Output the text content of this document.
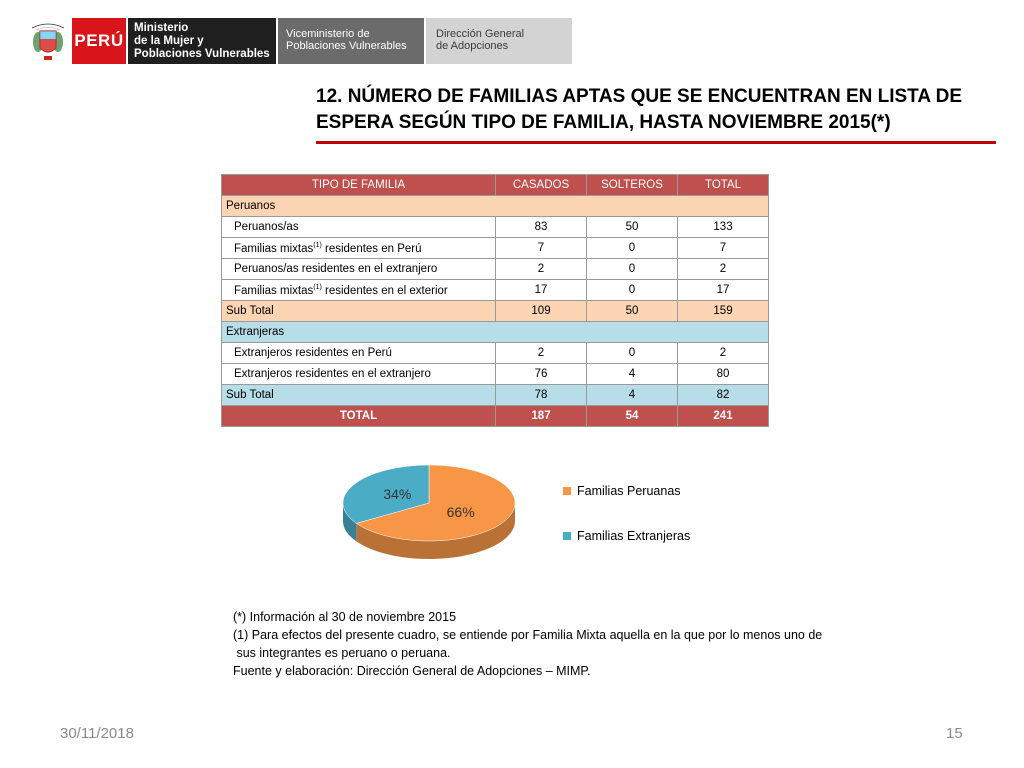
PERÚ
Ministerio
de la Mujer y
Poblaciones Vulnerables
Viceministerio de
Poblaciones Vulnerables
Dirección General
de Adopciones
12. NÚMERO DE FAMILIAS APTAS QUE SE ENCUENTRAN EN LISTA DE
ESPERA SEGÚN TIPO DE FAMILIA, HASTA NOVIEMBRE 2015(*)
TIPO DE FAMILIA	CASADOS	SOLTEROS	TOTAL
Peruanos			
Peruanos/as	83	50	133
Familias mixtas$^{(1)}$ residentes en Perú	7	0	7
Peruanos/as residentes en el extranjero	2	0	2
Familias mixtas$^{(1)}$ residentes en el exterior	17	0	17
Sub Total	109	50	159
Extranjeras			
Extranjeros residentes en Perú	2	0	2
Extranjeros residentes en el extranjero	76	4	80
Sub Total	78	4	82
TOTAL	187	54	241
66%
34%	Familias Peruanas
Familias Extranjeras
(*) Información al 30 de noviembre 2015
(1) Para efectos del presente cuadro, se entiende por Familia Mixta aquella en la que por lo menos uno de
sus integrantes es peruano o peruana.
Fuente y elaboración: Dirección General de Adopciones – MIMP.
30/11/2018	15
